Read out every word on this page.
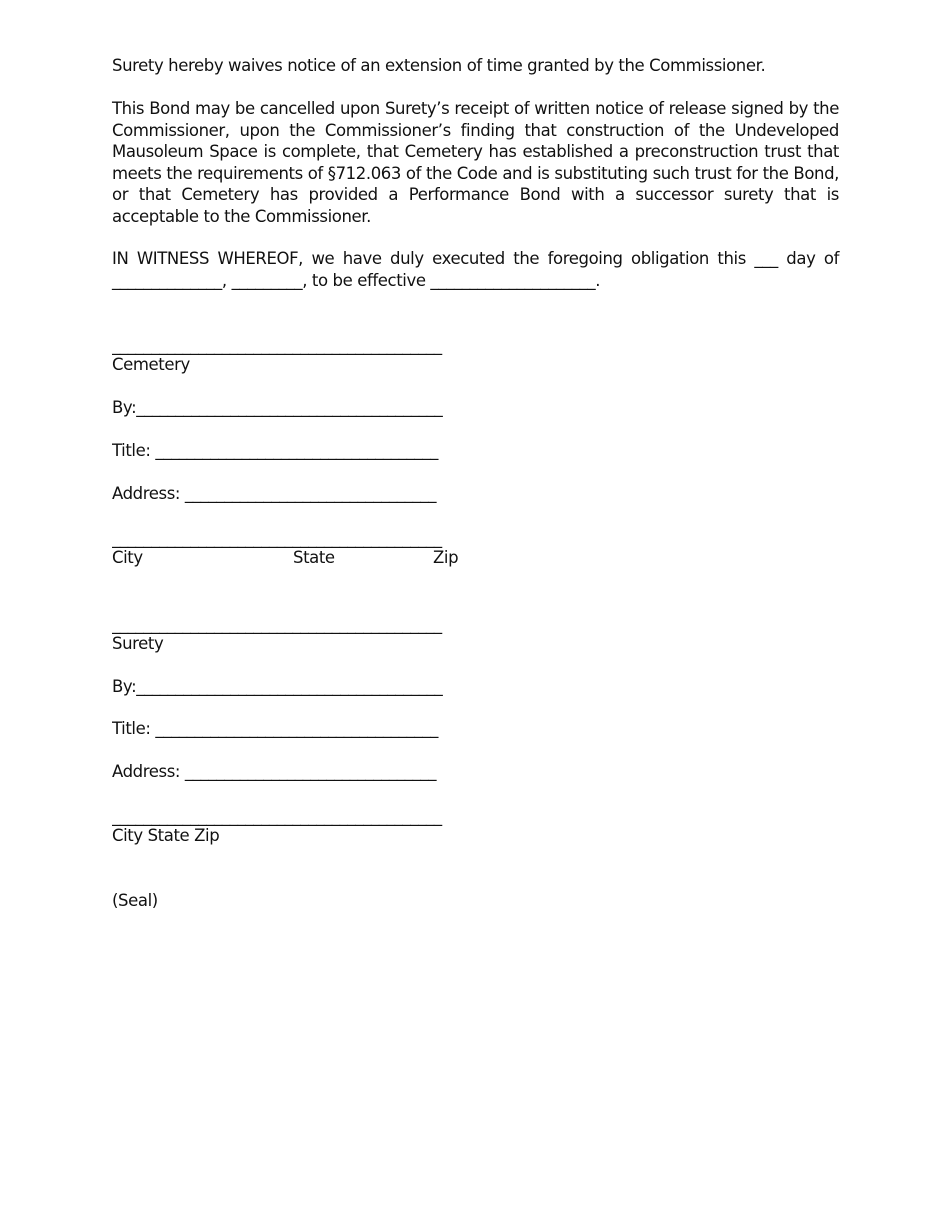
Surety hereby waives notice of an extension of time granted by the Commissioner.

This Bond may be cancelled upon Surety’s receipt of written notice of release signed by the Commissioner, upon the Commissioner’s finding that construction of the Undeveloped Mausoleum Space is complete, that Cemetery has established a preconstruction trust that meets the requirements of §712.063 of the Code and is substituting such trust for the Bond, or that Cemetery has provided a Performance Bond with a successor surety that is acceptable to the Commissioner.

IN WITNESS WHEREOF, we have duly executed the foregoing obligation this ___ day of ______________, _________, to be effective _____________________.

__________________________________________
Cemetery
By:_______________________________________
Title: ____________________________________
Address: ________________________________
__________________________________________
City	State	Zip
__________________________________________
Surety
By:_______________________________________
Title: ____________________________________
Address: ________________________________
__________________________________________
City State Zip
(Seal)
